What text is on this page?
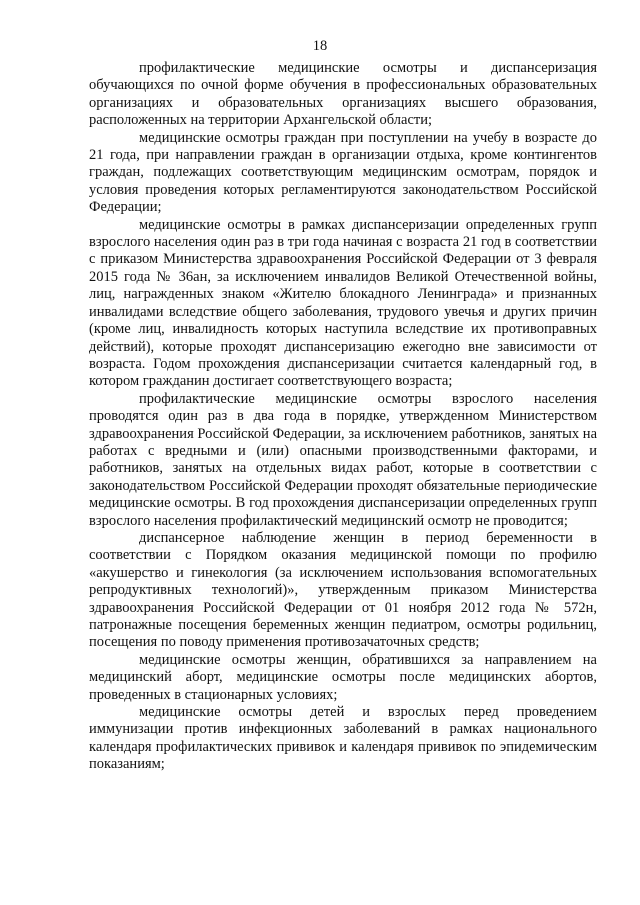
18

профилактические медицинские осмотры и диспансеризация обучающихся по очной форме обучения в профессиональных образовательных организациях и образовательных организациях высшего образования, расположенных на территории Архангельской области;

медицинские осмотры граждан при поступлении на учебу в возрасте до 21 года, при направлении граждан в организации отдыха, кроме контингентов граждан, подлежащих соответствующим медицинским осмотрам, порядок и условия проведения которых регламентируются законодательством Российской Федерации;

медицинские осмотры в рамках диспансеризации определенных групп взрослого населения один раз в три года начиная с возраста 21 год в соответствии с приказом Министерства здравоохранения Российской Федерации от 3 февраля 2015 года № 36ан, за исключением инвалидов Великой Отечественной войны, лиц, награжденных знаком «Жителю блокадного Ленинграда» и признанных инвалидами вследствие общего заболевания, трудового увечья и других причин (кроме лиц, инвалидность которых наступила вследствие их противоправных действий), которые проходят диспансеризацию ежегодно вне зависимости от возраста. Годом прохождения диспансеризации считается календарный год, в котором гражданин достигает соответствующего возраста;

профилактические медицинские осмотры взрослого населения проводятся один раз в два года в порядке, утвержденном Министерством здравоохранения Российской Федерации, за исключением работников, занятых на работах с вредными и (или) опасными производственными факторами, и работников, занятых на отдельных видах работ, которые в соответствии с законодательством Российской Федерации проходят обязательные периодические медицинские осмотры. В год прохождения диспансеризации определенных групп взрослого населения профилактический медицинский осмотр не проводится;

диспансерное наблюдение женщин в период беременности в соответствии с Порядком оказания медицинской помощи по профилю «акушерство и гинекология (за исключением использования вспомогательных репродуктивных технологий)», утвержденным приказом Министерства здравоохранения Российской Федерации от 01 ноября 2012 года № 572н, патронажные посещения беременных женщин педиатром, осмотры родильниц, посещения по поводу применения противозачаточных средств;

медицинские осмотры женщин, обратившихся за направлением на медицинский аборт, медицинские осмотры после медицинских абортов, проведенных в стационарных условиях;

медицинские осмотры детей и взрослых перед проведением иммунизации против инфекционных заболеваний в рамках национального календаря профилактических прививок и календаря прививок по эпидемическим показаниям;
